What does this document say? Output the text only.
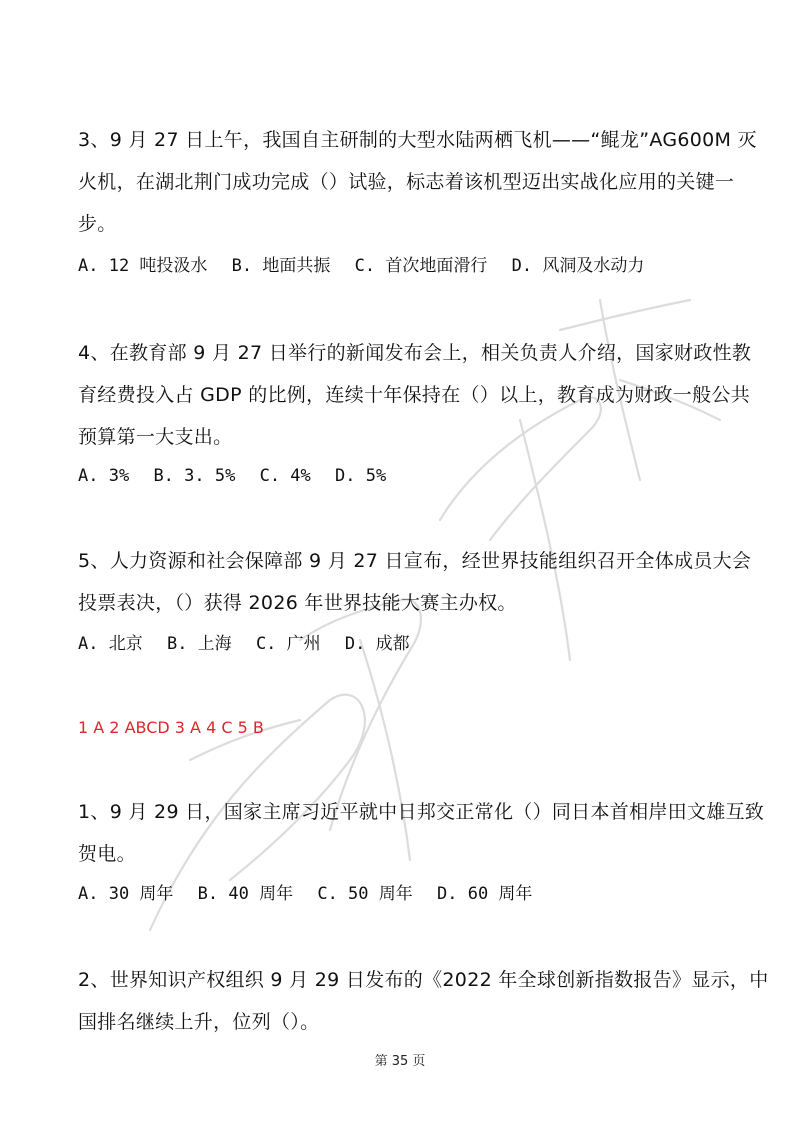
3、9 月 27 日上午，我国自主研制的大型水陆两栖飞机——“鲲龙”AG600M 灭
火机，在湖北荆门成功完成（）试验，标志着该机型迈出实战化应用的关键一
步。
A. 12 吨投汲水 B. 地面共振 C. 首次地面滑行 D. 风洞及水动力
4、在教育部 9 月 27 日举行的新闻发布会上，相关负责人介绍，国家财政性教
育经费投入占 GDP 的比例，连续十年保持在（）以上，教育成为财政一般公共
预算第一大支出。
A. 3% B. 3. 5% C. 4% D. 5%
5、人力资源和社会保障部 9 月 27 日宣布，经世界技能组织召开全体成员大会
投票表决，（）获得 2026 年世界技能大赛主办权。
A. 北京 B. 上海 C. 广州 D. 成都
1 A 2 ABCD 3 A 4 C 5 B
1、9 月 29 日，国家主席习近平就中日邦交正常化（）同日本首相岸田文雄互致
贺电。
A. 30 周年 B. 40 周年 C. 50 周年 D. 60 周年
2、世界知识产权组织 9 月 29 日发布的《2022 年全球创新指数报告》显示，中
国排名继续上升，位列（）。
第 35 页
